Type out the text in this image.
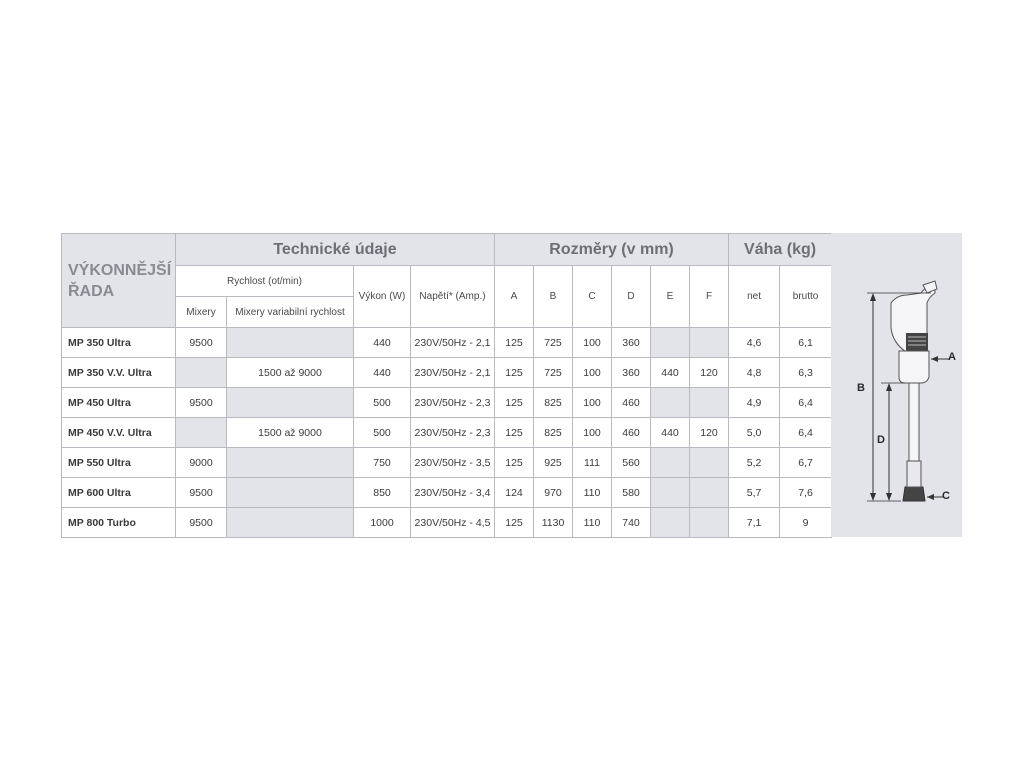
VÝKONNĚJŠÍ ŘADA	Technické údaje				Rozměry (v mm)						Váha (kg)	
	Rychlost (ot/min)		Výkon (W)	Napětí* (Amp.)	A	B	C	D	E	F	net	brutto
	Mixery	Mixery variabilní rychlost										
MP 350 Ultra	9500		440	230V/50Hz - 2,1	125	725	100	360			4,6	6,1
MP 350 V.V. Ultra		1500 až 9000	440	230V/50Hz - 2,1	125	725	100	360	440	120	4,8	6,3
MP 450 Ultra	9500		500	230V/50Hz - 2,3	125	825	100	460			4,9	6,4
MP 450 V.V. Ultra		1500 až 9000	500	230V/50Hz - 2,3	125	825	100	460	440	120	5,0	6,4
MP 550 Ultra	9000		750	230V/50Hz - 3,5	125	925	111	560			5,2	6,7
MP 600 Ultra	9500		850	230V/50Hz - 3,4	124	970	110	580			5,7	7,6
MP 800 Turbo	9500		1000	230V/50Hz - 4,5	125	1130	110	740			7,1	9
A
B
C
D
